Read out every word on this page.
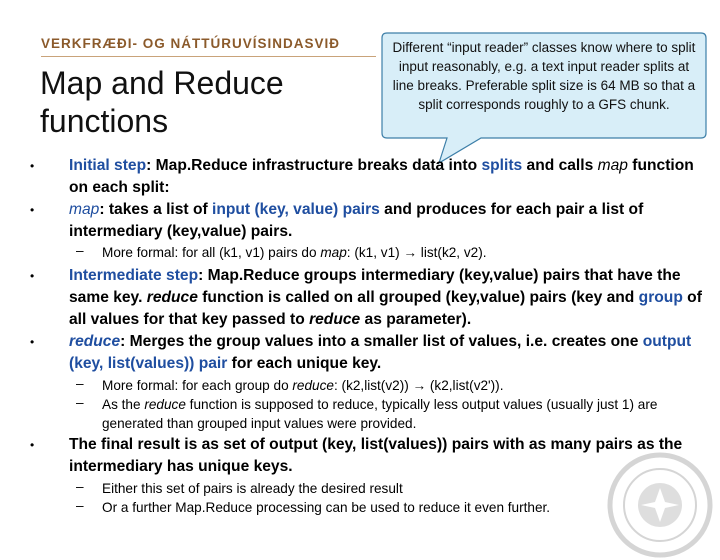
VERKFRÆÐI- OG NÁTTÚRUVÍSINDASVIÐ
Map and Reduce functions
Different “input reader” classes know where to split input reasonably, e.g. a text input reader splits at line breaks. Preferable split size is 64 MB so that a split corresponds roughly to a GFS chunk.
• Initial step: Map.Reduce infrastructure breaks data into splits and calls map function on each split:
• map: takes a list of input (key, value) pairs and produces for each pair a list of intermediary (key,value) pairs.
– More formal: for all (k1, v1) pairs do map: (k1, v1) → list(k2, v2).
• Intermediate step: Map.Reduce groups intermediary (key,value) pairs that have the same key. reduce function is called on all grouped (key,value) pairs (key and group of all values for that key passed to reduce as parameter).
• reduce: Merges the group values into a smaller list of values, i.e. creates one output (key, list(values)) pair for each unique key.
– More formal: for each group do reduce: (k2,list(v2)) → (k2,list(v2')).
– As the reduce function is supposed to reduce, typically less output values (usually just 1) are generated than grouped input values were provided.
• The final result is as set of output (key, list(values)) pairs with as many pairs as the intermediary has unique keys.
– Either this set of pairs is already the desired result
– Or a further Map.Reduce processing can be used to reduce it even further.
